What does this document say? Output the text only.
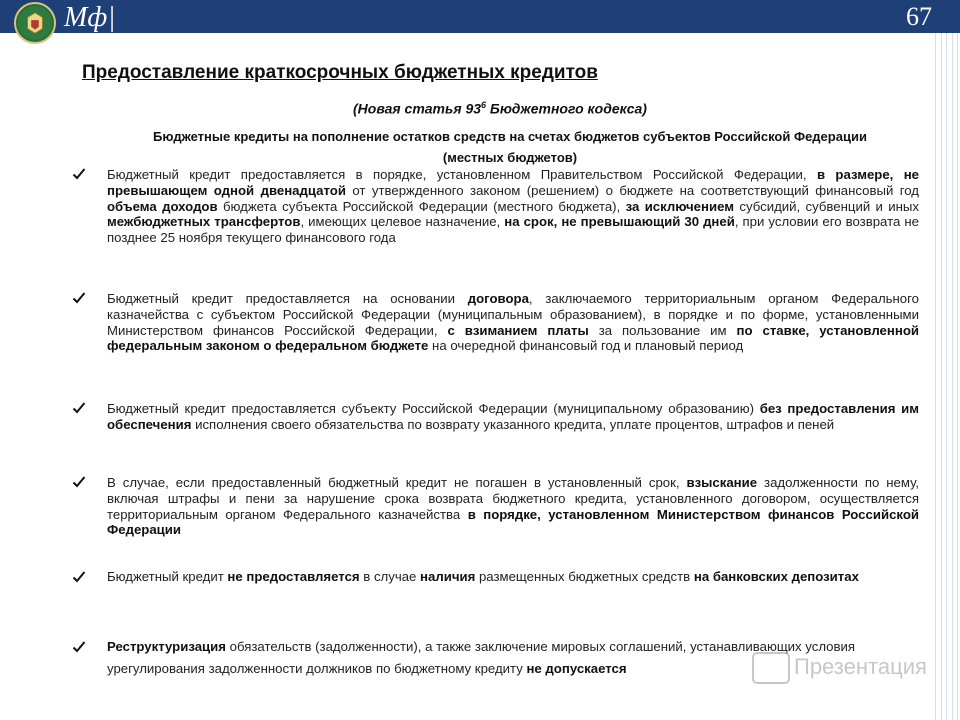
Мф|	67
Предоставление краткосрочных бюджетных кредитов
(Новая статья $93^6$ Бюджетного кодекса)
Бюджетные кредиты на пополнение остатков средств на счетах бюджетов субъектов Российской Федерации
(местных бюджетов)
Бюджетный кредит предоставляется в порядке, установленном Правительством Российской Федерации, в размере, не превышающем одной двенадцатой от утвержденного законом (решением) о бюджете на соответствующий финансовый год объема доходов бюджета субъекта Российской Федерации (местного бюджета), за исключением субсидий, субвенций и иных межбюджетных трансфертов, имеющих целевое назначение, на срок, не превышающий 30 дней, при условии его возврата не позднее 25 ноября текущего финансового года
Бюджетный кредит предоставляется на основании договора, заключаемого территориальным органом Федерального казначейства с субъектом Российской Федерации (муниципальным образованием), в порядке и по форме, установленными Министерством финансов Российской Федерации, с взиманием платы за пользование им по ставке, установленной федеральным законом о федеральном бюджете на очередной финансовый год и плановый период
Бюджетный кредит предоставляется субъекту Российской Федерации (муниципальному образованию) без предоставления им обеспечения исполнения своего обязательства по возврату указанного кредита, уплате процентов, штрафов и пеней
В случае, если предоставленный бюджетный кредит не погашен в установленный срок, взыскание задолженности по нему, включая штрафы и пени за нарушение срока возврата бюджетного кредита, установленного договором, осуществляется территориальным органом Федерального казначейства в порядке, установленном Министерством финансов Российской Федерации
Бюджетный кредит не предоставляется в случае наличия размещенных бюджетных средств на банковских депозитах
Реструктуризация обязательств (задолженности), а также заключение мировых соглашений, устанавливающих условия урегулирования задолженности должников по бюджетному кредиту не допускается	Презентация
